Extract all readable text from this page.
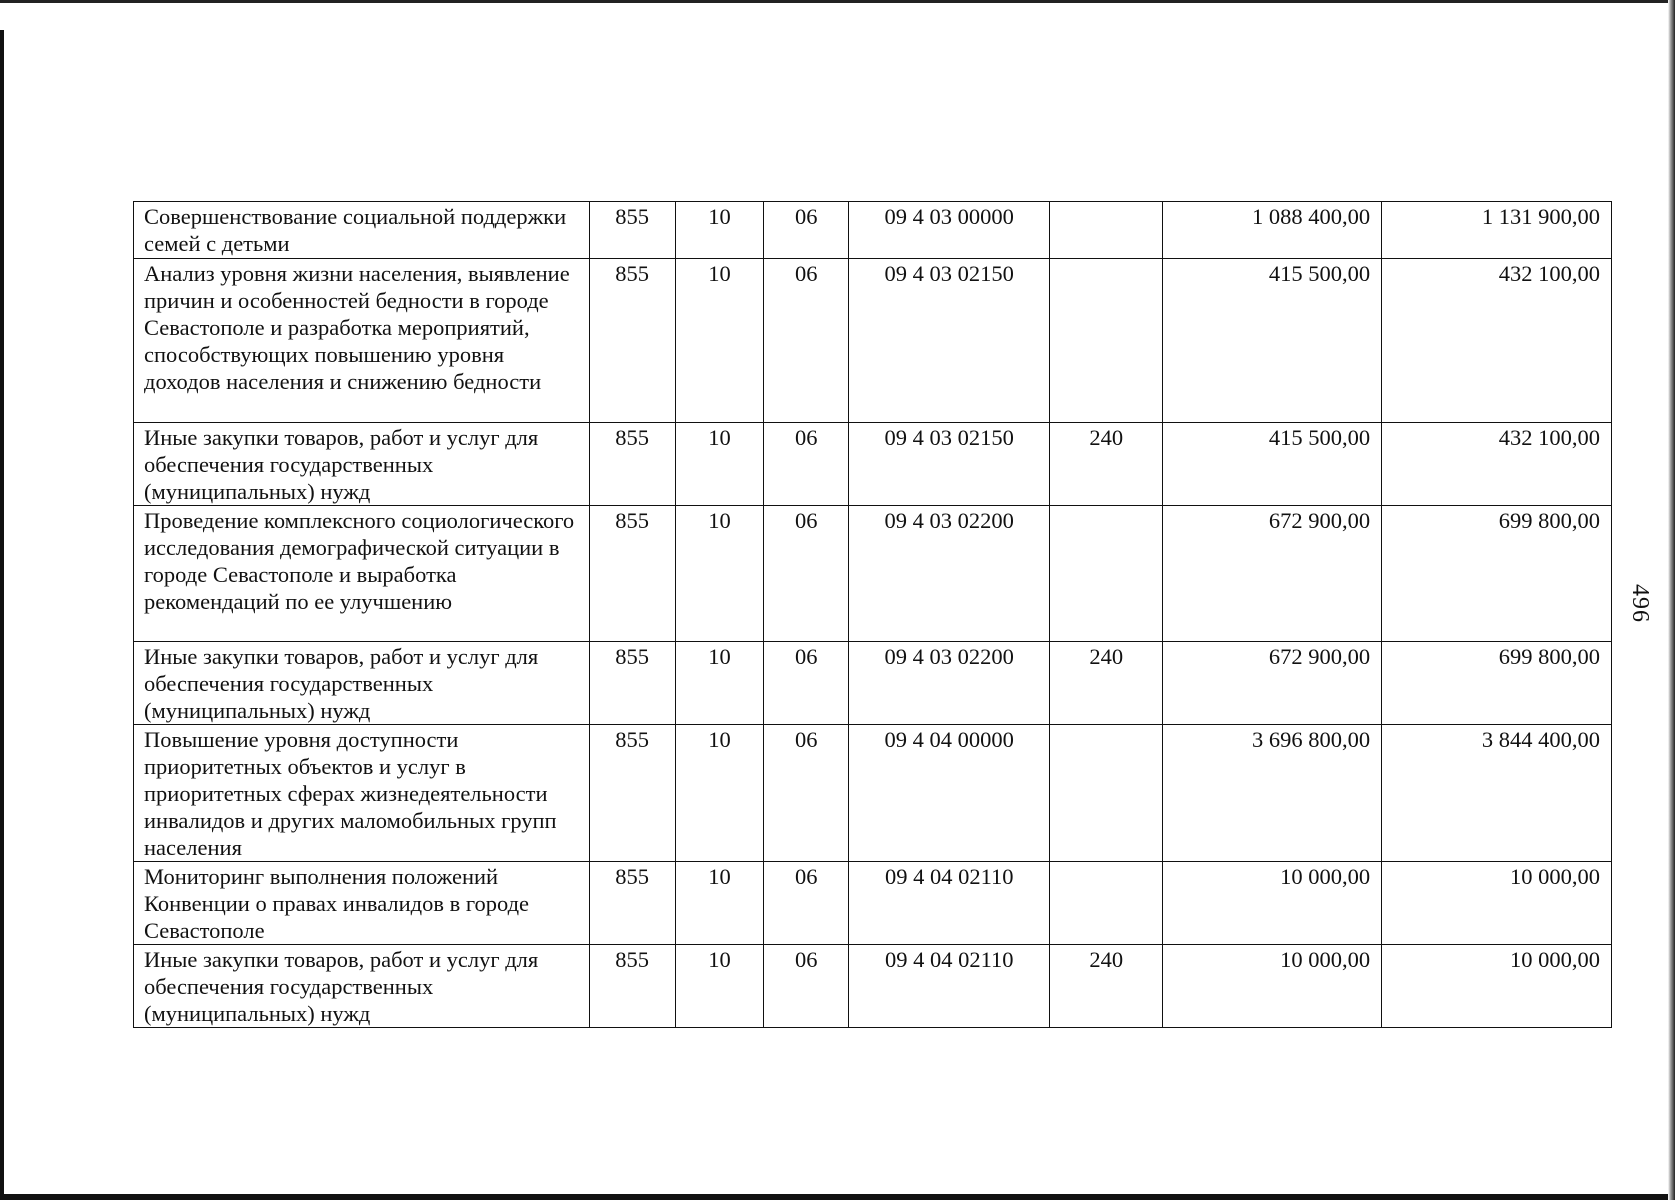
Совершенствование социальной поддержки семей с детьми	855	10	06	09 4 03 00000		1 088 400,00	1 131 900,00
Анализ уровня жизни населения, выявление причин и особенностей бедности в городе Севастополе и разработка мероприятий, способствующих повышению уровня доходов населения и снижению бедности	855	10	06	09 4 03 02150		415 500,00	432 100,00
Иные закупки товаров, работ и услуг для обеспечения государственных (муниципальных) нужд	855	10	06	09 4 03 02150	240	415 500,00	432 100,00
Проведение комплексного социологического исследования демографической ситуации в городе Севастополе и выработка рекомендаций по ее улучшению	855	10	06	09 4 03 02200		672 900,00	699 800,00
Иные закупки товаров, работ и услуг для обеспечения государственных (муниципальных) нужд	855	10	06	09 4 03 02200	240	672 900,00	699 800,00
Повышение уровня доступности приоритетных объектов и услуг в приоритетных сферах жизнедеятельности инвалидов и других маломобильных групп населения	855	10	06	09 4 04 00000		3 696 800,00	3 844 400,00
Мониторинг выполнения положений Конвенции о правах инвалидов в городе Севастополе	855	10	06	09 4 04 02110		10 000,00	10 000,00
Иные закупки товаров, работ и услуг для обеспечения государственных (муниципальных) нужд	855	10	06	09 4 04 02110	240	10 000,00	10 000,00
496
